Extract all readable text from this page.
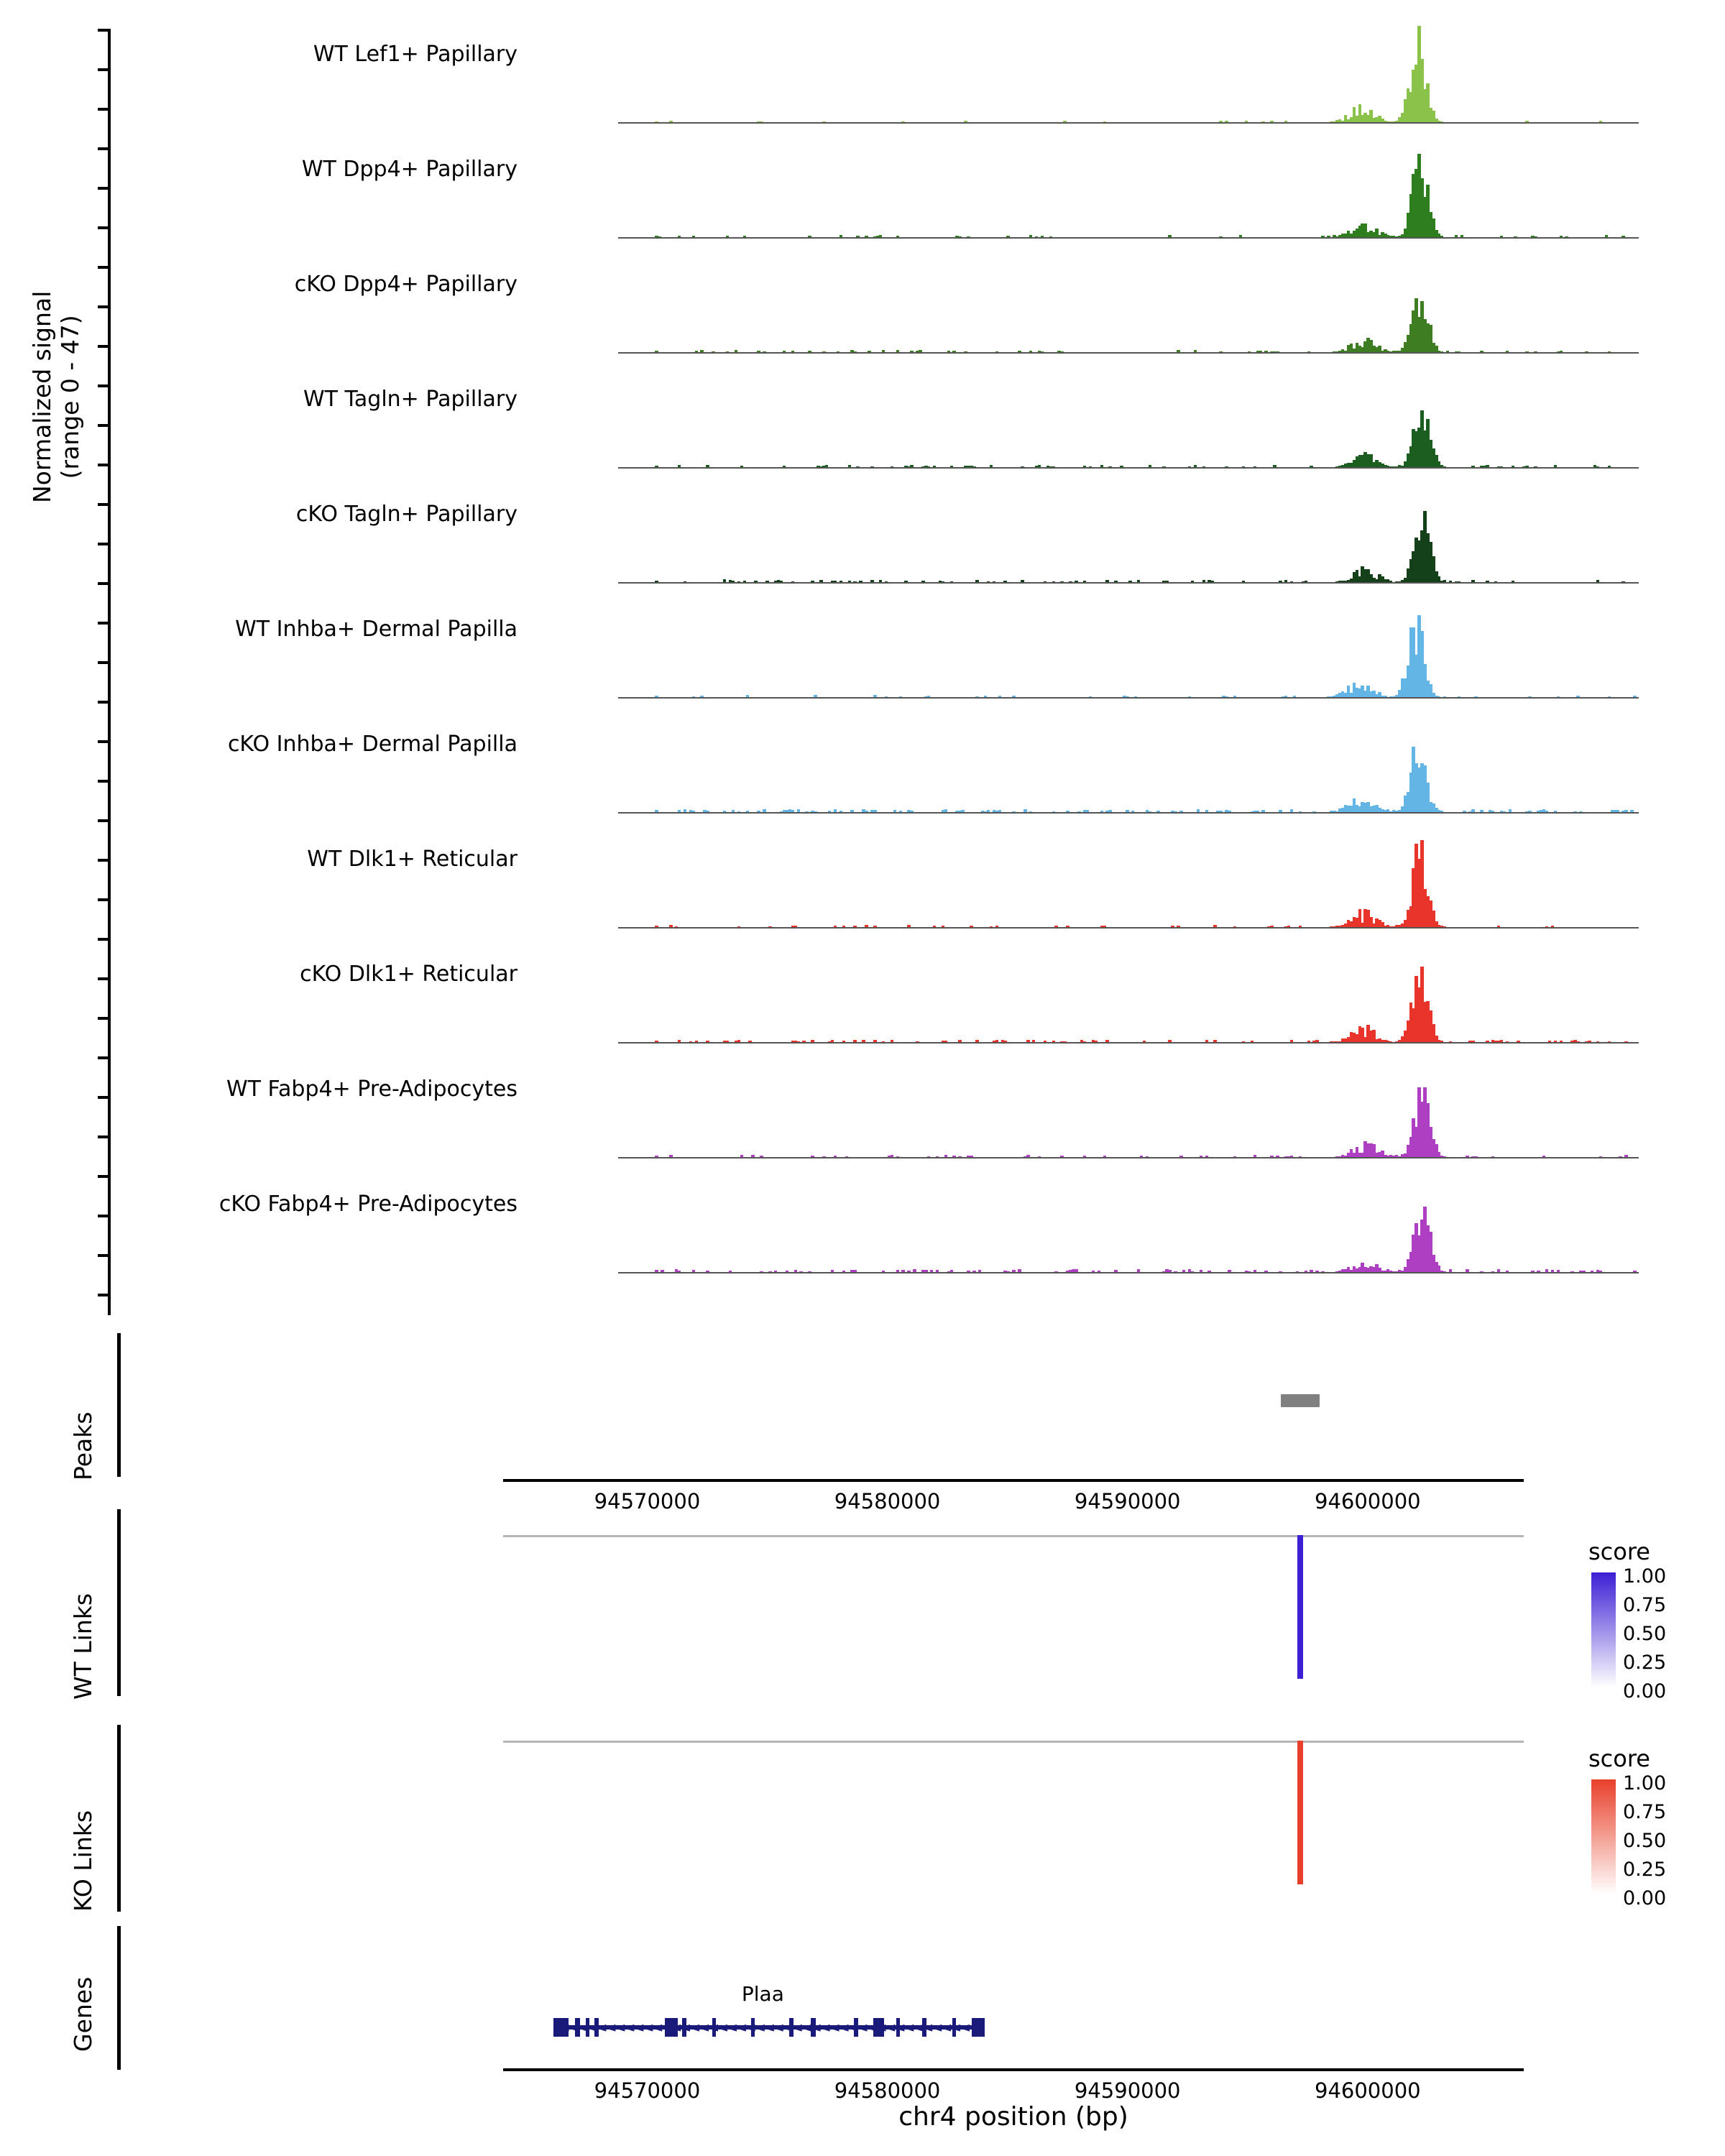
Normalized signal (range 0 - 47)
WT Lef1+ Papillary
WT Dpp4+ Papillary
cKO Dpp4+ Papillary
WT Tagln+ Papillary
cKO Tagln+ Papillary
WT Inhba+ Dermal Papilla
cKO Inhba+ Dermal Papilla
WT Dlk1+ Reticular
cKO Dlk1+ Reticular
WT Fabp4+ Pre-Adipocytes
cKO Fabp4+ Pre-Adipocytes
Peaks
94570000	94580000	94590000	94600000
WT Links
score
1.00
0.75
0.50
0.25
0.00
KO Links
score
1.00
0.75
0.50
0.25
0.00
Genes	◄
◄
◄
◄
◄
◄
◄
◄
◄
◄
◄
◄
◄
◄
◄
◄
◄
◄
◄
◄
◄
◄
◄
◄
◄
◄
◄
◄
◄
◄
◄
◄
◄
◄
◄
◄
◄
◄
◄
◄
◄
◄
◄
◄
◄
Plaa
94570000	94580000	94590000	94600000
chr4 position (bp)
